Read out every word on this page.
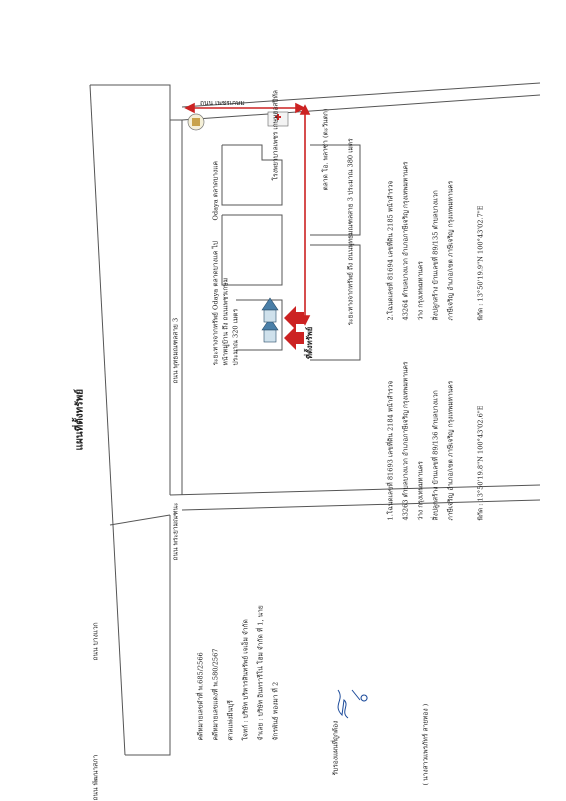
แผนที่ตั้งทรัพย์
ถนน พุทธมณฑลสาย 3
ถนน พระยามณฑนะ
ถนน บางแวก
ถนน พัฒนาสภา
ถนน เพชรเกษม
Odaya ตลาดบางแค
โรงพยาบาลเพชร เกษมฮอสปิทัล	ตลาด โอ. พลาซ่า (ตะวันตก)
ที่ตั้งทรัพย์
ระยะทางจากทรัพย์ Odaya ตลาดบางแค ไป หน้าหมู่บ้าน ถึง ถนนเพชรเกษม ประมาณ 320 เมตร
ระยะทางจากทรัพย์ ถึง ถนนพุทธมณฑลสาย 3 ประมาณ 380 เมตร
1.โฉนดเลขที่ 81693 เลขที่ดิน 2184 หน้าสำรวจ	43263 ตำบลบางแวก อำเภอภาษีเจริญ กรุงเทพมหานคร	ว่าง กรุงเทพมหานคร	สิ่งปลูกสร้าง บ้านเลขที่ 89/136 ตำบลบางแวก	ภาษีเจริญ อำเภอ/เขต ภาษีเจริญ กรุงเทพมหานคร	พิกัด : 13°50'19.8"N 100°43'02.6"E
2.โฉนดเลขที่ 81694 เลขที่ดิน 2185 หน้าสำรวจ	43264 ตำบลบางแวก อำเภอภาษีเจริญ กรุงเทพมหานคร	ว่าง กรุงเทพมหานคร	สิ่งปลูกสร้าง บ้านเลขที่ 89/135 ตำบลบางแวก	ภาษีเจริญ อำเภอ/เขต ภาษีเจริญ กรุงเทพมหานคร	พิกัด : 13°50'19.9"N 100°43'02.7"E
คดีหมายเลขดำที่ พ.685/2566	คดีหมายเลขแดงที่ พ.580/2567	ศาลแพ่งมีนบุรี	โจทก์ : บริษัท บริหารสินทรัพย์ เจเอ็ม จำกัด	จำเลย : บริษัท อินทรารีโน่ โฮม จำกัด ที่ 1, นาย	จักรพันธ์ ทองมา ที่ 2
รับรองแผนที่ถูกต้อง	( นางสาวแพรภัทร์ สายทอง )
